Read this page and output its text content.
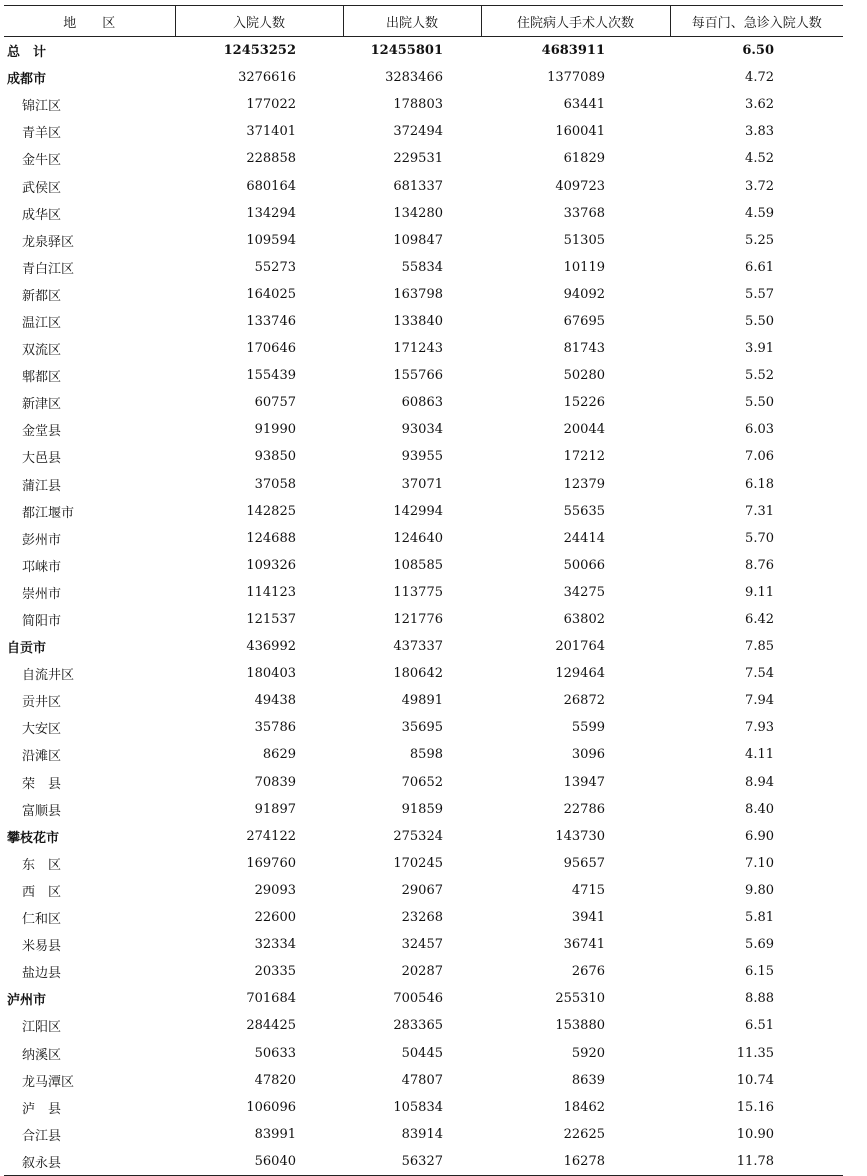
地　　区	入院人数	出院人数	住院病人手术人次数	每百门、急诊入院人数
总　计	12453252	12455801	4683911	6.50
成都市	3276616	3283466	1377089	4.72
锦江区	177022	178803	63441	3.62
青羊区	371401	372494	160041	3.83
金牛区	228858	229531	61829	4.52
武侯区	680164	681337	409723	3.72
成华区	134294	134280	33768	4.59
龙泉驿区	109594	109847	51305	5.25
青白江区	55273	55834	10119	6.61
新都区	164025	163798	94092	5.57
温江区	133746	133840	67695	5.50
双流区	170646	171243	81743	3.91
郫都区	155439	155766	50280	5.52
新津区	60757	60863	15226	5.50
金堂县	91990	93034	20044	6.03
大邑县	93850	93955	17212	7.06
蒲江县	37058	37071	12379	6.18
都江堰市	142825	142994	55635	7.31
彭州市	124688	124640	24414	5.70
邛崃市	109326	108585	50066	8.76
崇州市	114123	113775	34275	9.11
简阳市	121537	121776	63802	6.42
自贡市	436992	437337	201764	7.85
自流井区	180403	180642	129464	7.54
贡井区	49438	49891	26872	7.94
大安区	35786	35695	5599	7.93
沿滩区	8629	8598	3096	4.11
荣　县	70839	70652	13947	8.94
富顺县	91897	91859	22786	8.40
攀枝花市	274122	275324	143730	6.90
东　区	169760	170245	95657	7.10
西　区	29093	29067	4715	9.80
仁和区	22600	23268	3941	5.81
米易县	32334	32457	36741	5.69
盐边县	20335	20287	2676	6.15
泸州市	701684	700546	255310	8.88
江阳区	284425	283365	153880	6.51
纳溪区	50633	50445	5920	11.35
龙马潭区	47820	47807	8639	10.74
泸　县	106096	105834	18462	15.16
合江县	83991	83914	22625	10.90
叙永县	56040	56327	16278	11.78
